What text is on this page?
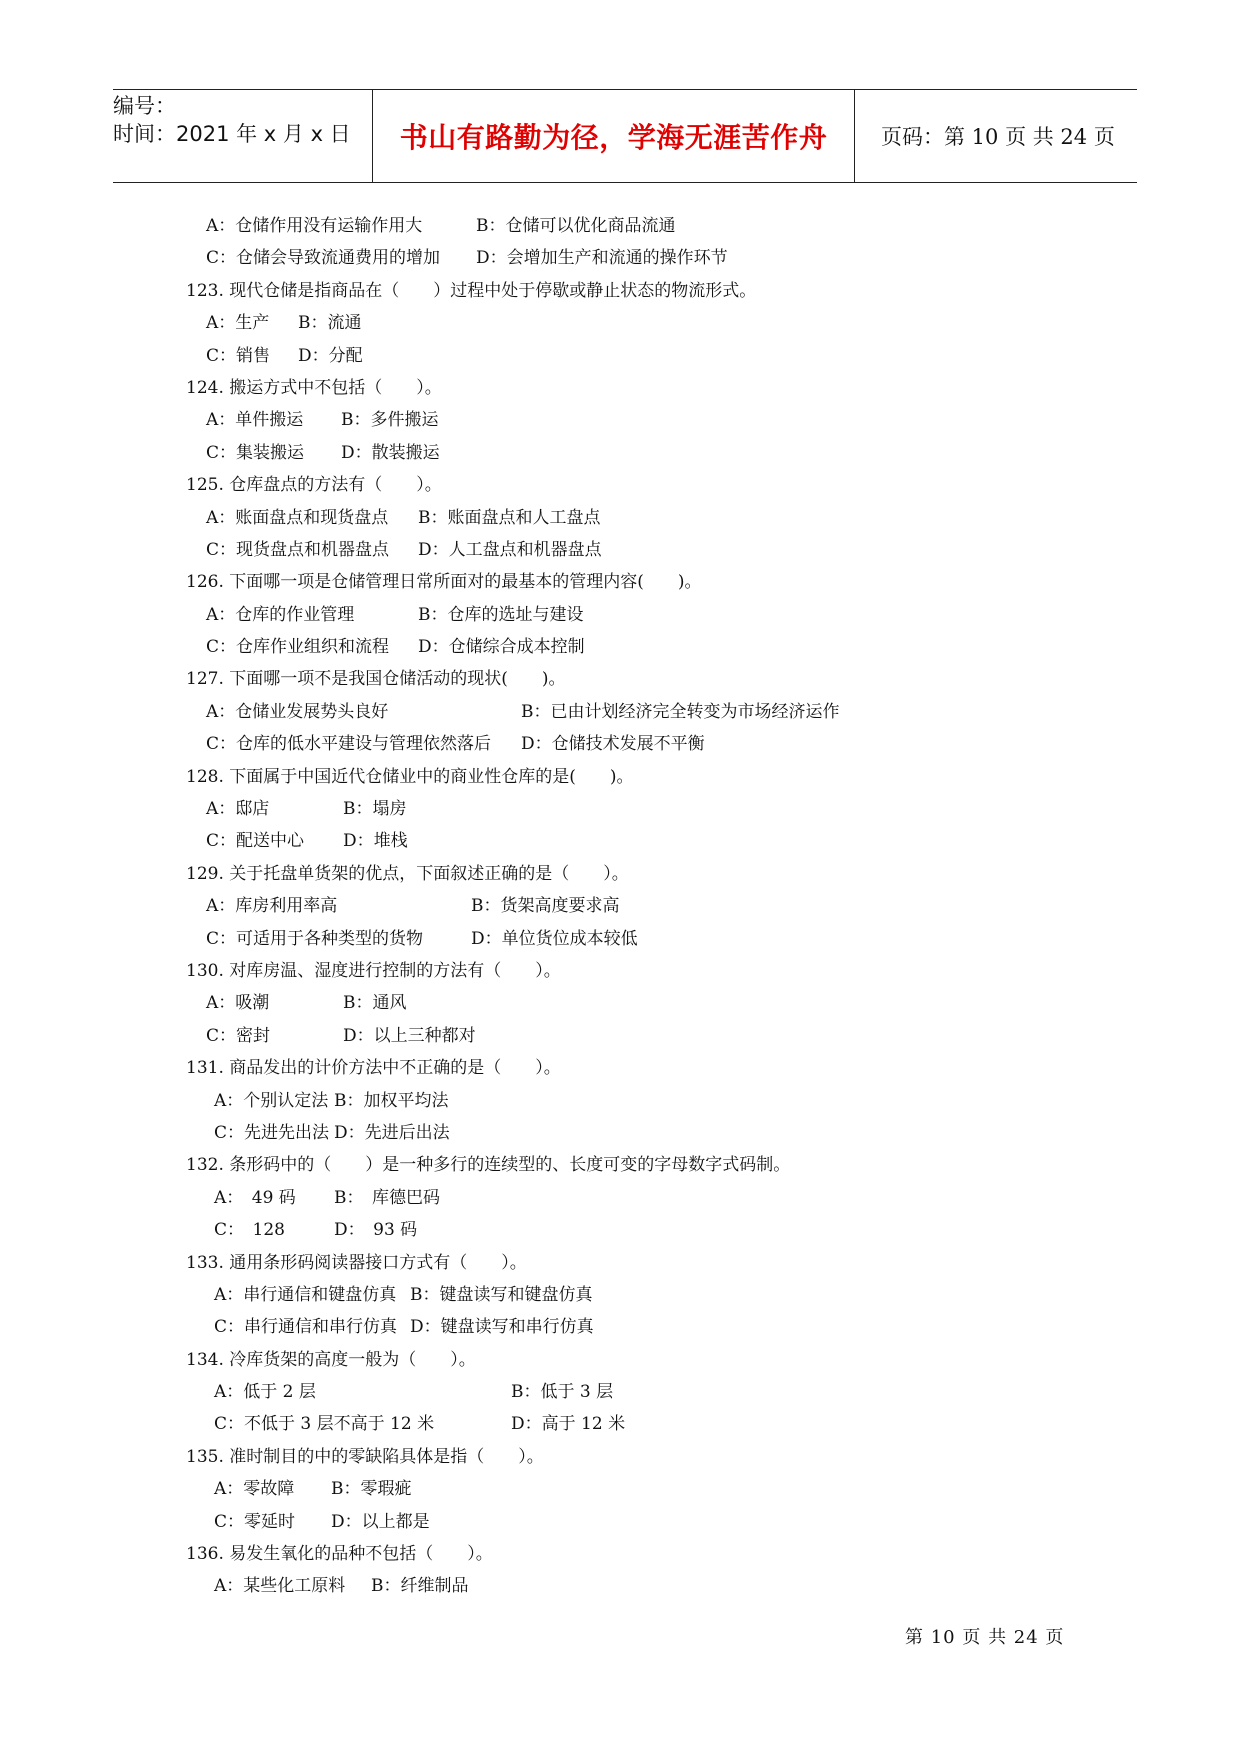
编号：
时间：2021 年 x 月 x 日	书山有路勤为径，学海无涯苦作舟	页码：第 10 页 共 24 页
A：仓储作用没有运输作用大	B：仓储可以优化商品流通
C：仓储会导致流通费用的增加 D：会增加生产和流通的操作环节
123. 现代仓储是指商品在（　　）过程中处于停歇或静止状态的物流形式。
A：生产 B：流通
C：销售 D：分配
124. 搬运方式中不包括（　　）。
A：单件搬运 B：多件搬运
C：集装搬运 D：散装搬运
125. 仓库盘点的方法有（　　）。
A：账面盘点和现货盘点 B：账面盘点和人工盘点
C：现货盘点和机器盘点 D：人工盘点和机器盘点
126. 下面哪一项是仓储管理日常所面对的最基本的管理内容(　　)。
A：仓库的作业管理	B：仓库的选址与建设
C：仓库作业组织和流程 D：仓储综合成本控制
127. 下面哪一项不是我国仓储活动的现状(　　)。
A：仓储业发展势头良好	B：已由计划经济完全转变为市场经济运作
C：仓库的低水平建设与管理依然落后 D：仓储技术发展不平衡
128. 下面属于中国近代仓储业中的商业性仓库的是(　　)。
A：邸店	B：塌房
C：配送中心 D：堆栈
129. 关于托盘单货架的优点，下面叙述正确的是（　　）。
A：库房利用率高	B：货架高度要求高
C：可适用于各种类型的货物	D：单位货位成本较低
130. 对库房温、湿度进行控制的方法有（　　）。
A：吸潮	B：通风
C：密封	D：以上三种都对
131. 商品发出的计价方法中不正确的是（　　）。
A：个别认定法 B：加权平均法
C：先进先出法 D：先进后出法
132. 条形码中的（　　）是一种多行的连续型的、长度可变的字母数字式码制。
A：　49 码 B：　库德巴码
C：　128	D：　93 码
133. 通用条形码阅读器接口方式有（　　）。
A：串行通信和键盘仿真 B：键盘读写和键盘仿真
C：串行通信和串行仿真 D：键盘读写和串行仿真
134. 冷库货架的高度一般为（　　）。
A：低于 2 层	B：低于 3 层
C：不低于 3 层不高于 12 米	D：高于 12 米
135. 准时制目的中的零缺陷具体是指（　　）。
A：零故障 B：零瑕疵
C：零延时 D：以上都是
136. 易发生氧化的品种不包括（　　）。
A：某些化工原料 B：纤维制品
第 10 页 共 24 页
